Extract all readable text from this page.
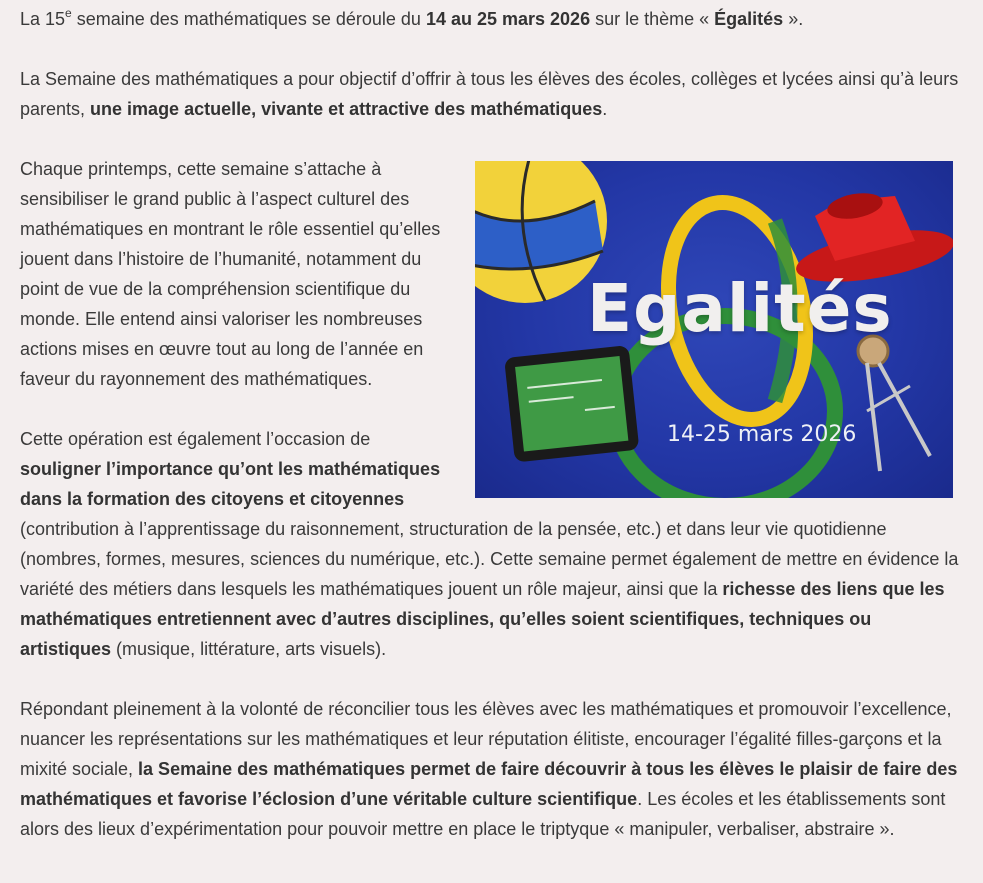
La 15e semaine des mathématiques se déroule du 14 au 25 mars 2026 sur le thème « Égalités ».

La Semaine des mathématiques a pour objectif d’offrir à tous les élèves des écoles, collèges et lycées ainsi qu’à leurs parents, une image actuelle, vivante et attractive des mathématiques.

Egalités
14-25 mars 2026

Chaque printemps, cette semaine s’attache à sensibiliser le grand public à l’aspect culturel des mathématiques en montrant le rôle essentiel qu’elles jouent dans l’histoire de l’humanité, notamment du point de vue de la compréhension scientifique du monde. Elle entend ainsi valoriser les nombreuses actions mises en œuvre tout au long de l’année en faveur du rayonnement des mathématiques.

Cette opération est également l’occasion de souligner l’importance qu’ont les mathématiques dans la formation des citoyens et citoyennes (contribution à l’apprentissage du raisonnement, structuration de la pensée, etc.) et dans leur vie quotidienne (nombres, formes, mesures, sciences du numérique, etc.). Cette semaine permet également de mettre en évidence la variété des métiers dans lesquels les mathématiques jouent un rôle majeur, ainsi que la richesse des liens que les mathématiques entretiennent avec d’autres disciplines, qu’elles soient scientifiques, techniques ou artistiques (musique, littérature, arts visuels).

Répondant pleinement à la volonté de réconcilier tous les élèves avec les mathématiques et promouvoir l’excellence, nuancer les représentations sur les mathématiques et leur réputation élitiste, encourager l’égalité filles-garçons et la mixité sociale, la Semaine des mathématiques permet de faire découvrir à tous les élèves le plaisir de faire des mathématiques et favorise l’éclosion d’une véritable culture scientifique. Les écoles et les établissements sont alors des lieux d’expérimentation pour pouvoir mettre en place le triptyque « manipuler, verbaliser, abstraire ».
